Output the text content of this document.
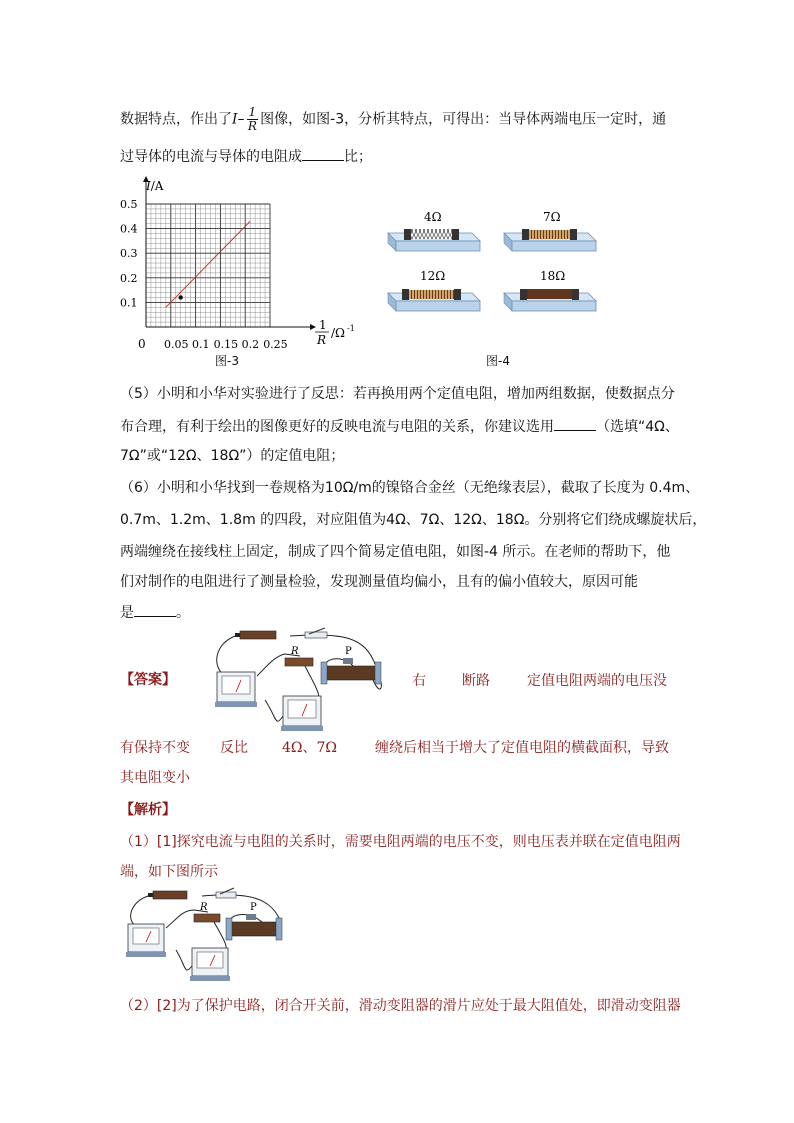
数据特点，作出了$I- \frac{1}{R}$ 图像，如图-3，分析其特点，可得出：当导体两端电压一定时，通
过导体的电流与导体的电阻成	比；
0.1
0.2
0.3
0.4
0.5
0.05 0.1 0.15 0.2 0.25
I/A
0
1
R /Ω -1
图-3
4Ω	7Ω
12Ω	18Ω
图-4
（5）小明和小华对实验进行了反思：若再换用两个定值电阻，增加两组数据，使数据点分
布合理，有利于绘出的图像更好的反映电流与电阻的关系，你建议选用	（选填“4Ω、
7Ω”或“12Ω、18Ω”）的定值电阻；
（6）小明和小华找到一卷规格为10Ω/m的镍铬合金丝（无绝缘表层），截取了长度为 0.4m、
0.7m、1.2m、1.8m 的四段，对应阻值为4Ω、7Ω、12Ω、18Ω。分别将它们绕成螺旋状后，
两端缠绕在接线柱上固定，制成了四个简易定值电阻，如图-4 所示。在老师的帮助下，他
们对制作的电阻进行了测量检验，发现测量值均偏小，且有的偏小值较大，原因可能
是	。
【答案】
R	P
右	断路	定值电阻两端的电压没
有保持不变 反比 4Ω、7Ω	缠绕后相当于增大了定值电阻的横截面积，导致
其电阻变小
【解析】
（1）[1]探究电流与电阻的关系时，需要电阻两端的电压不变，则电压表并联在定值电阻两
端，如下图所示
R	P
（2）[2]为了保护电路，闭合开关前，滑动变阻器的滑片应处于最大阻值处，即滑动变阻器
